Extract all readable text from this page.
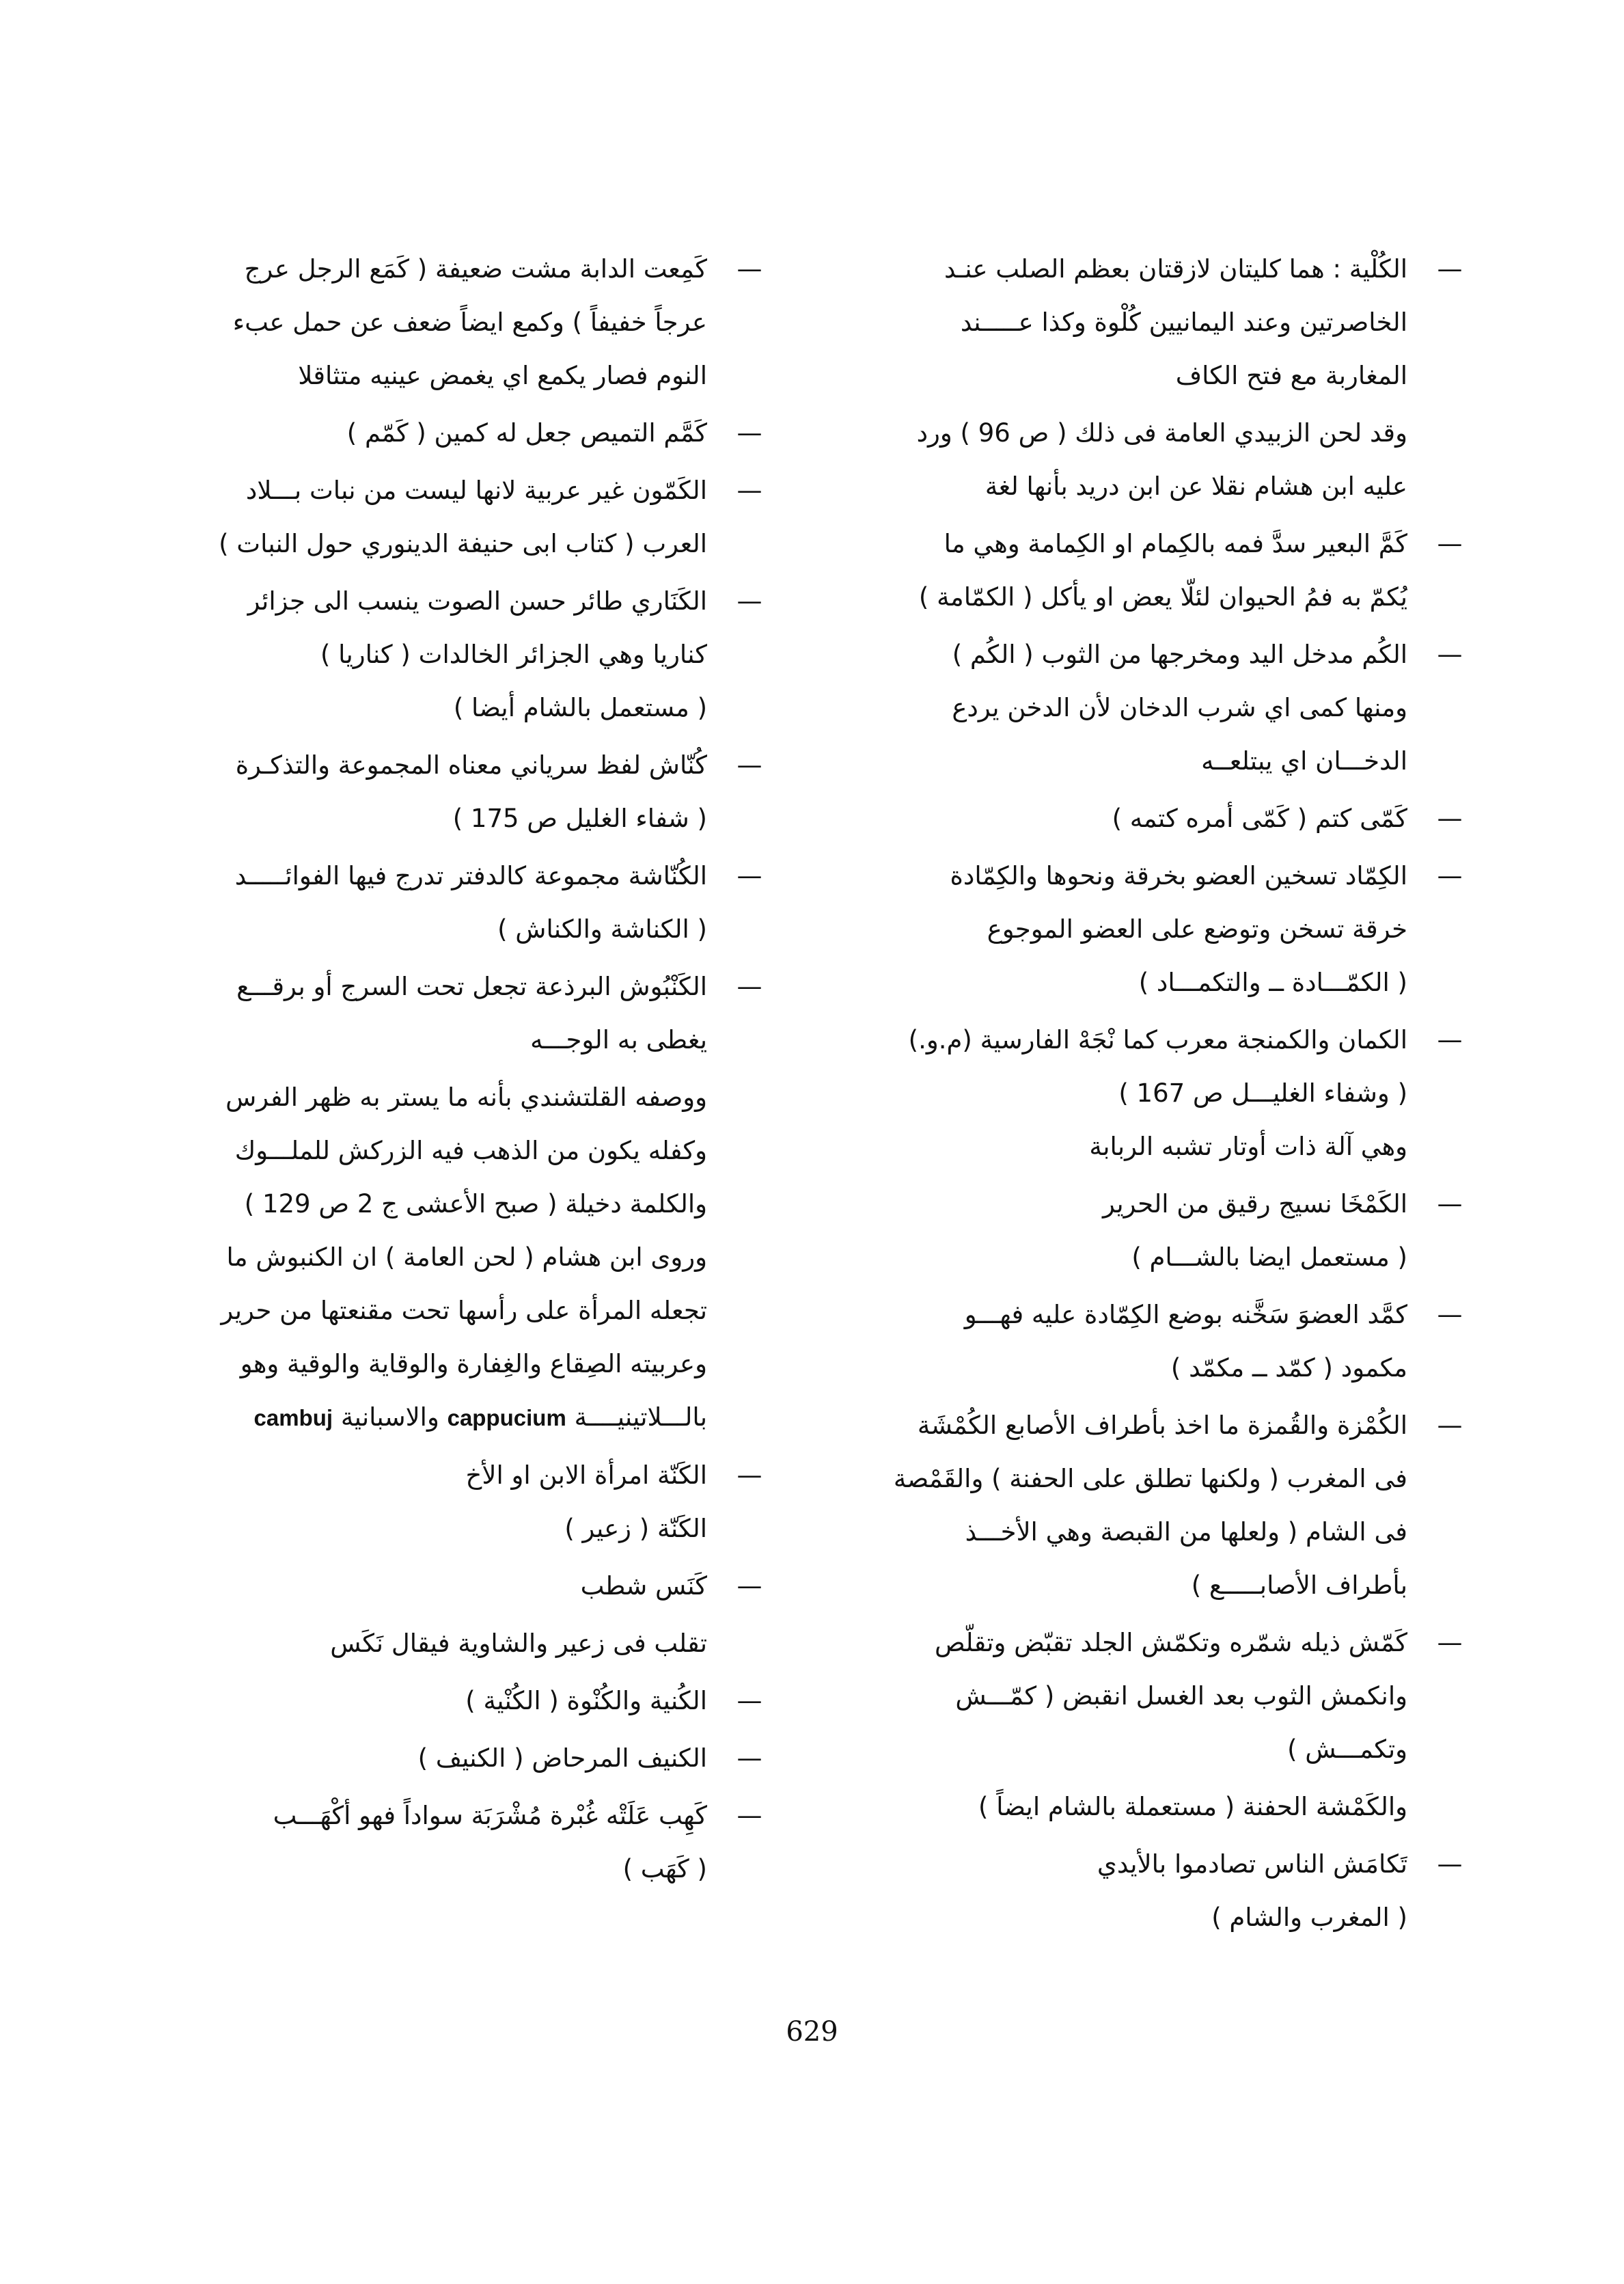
—
الكُلْية : هما كليتان لازقتان بعظم الصلب عنـد
الخاصرتين وعند اليمانيين كُلْوة وكذا عـــــند
المغاربة مع فتح الكاف
وقد لحن الزبيدي العامة فى ذلك ( ص 96 ) ورد
عليه ابن هشام نقلا عن ابن دريد بأنها لغة
—
كَمَّ البعير سدَّ فمه بالكِمام او الكِمامة وهي ما
يُكمّ به فمُ الحيوان لئلّا يعض او يأكل ( الكمّامة )
—
الكُم مدخل اليد ومخرجها من الثوب ( الكُم )
ومنها كمى اي شرب الدخان لأن الدخن يردع
الدخـــان اي يبتلعــه
—
كَمّى كتم ( كَمّى أمره كتمه )
—
الكِمّاد تسخين العضو بخرقة ونحوها والكِمّادة
خرقة تسخن وتوضع على العضو الموجوع
( الكمّـــادة ــ والتكمـــاد )
—
الكمان والكمنجة معرب كما نْجَهْ الفارسية (م.و.)
( وشفاء الغليـــل ص 167 )
وهي آلة ذات أوتار تشبه الربابة
—
الكَمْخَا نسيج رقيق من الحرير
( مستعمل ايضا بالشـــام )
—
كمَّد العضوَ سَخَّنه بوضع الكِمّادة عليه فهـــو
مكمود ( كمّد ــ مكمّد )
—
الكُمْزة والقُمزة ما اخذ بأطراف الأصابع الكُمْشَة
فى المغرب ( ولكنها تطلق على الحفنة ) والقَمْصة
فى الشام ( ولعلها من القبصة وهي الأخـــذ
بأطراف الأصابـــــع )
—
كَمّش ذيله شمّره وتكمّش الجلد تقبّض وتقلّص
وانكمش الثوب بعد الغسل انقبض ( كمّـــش
وتكمـــش )
والكَمْشة الحفنة ( مستعملة بالشام ايضاً )
—
تَكامَش الناس تصادموا بالأيدي
( المغرب والشام )
—
كَمِعت الدابة مشت ضعيفة ( كَمَع الرجل عرج
عرجاً خفيفاً ) وكمع ايضاً ضعف عن حمل عبء
النوم فصار يكمع اي يغمض عينيه متثاقلا
—
كَمَّم التميص جعل له كمين ( كَمّم )
—
الكَمّون غير عربية لانها ليست من نبات بـــلاد
العرب ( كتاب ابى حنيفة الدينوري حول النبات )
—
الكَنَاري طائر حسن الصوت ينسب الى جزائر
كناريا وهي الجزائر الخالدات ( كناريا )
( مستعمل بالشام أيضا )
—
كُنّاش لفظ سرياني معناه المجموعة والتذكـرة
( شفاء الغليل ص 175 )
—
الكُنّاشة مجموعة كالدفتر تدرج فيها الفوائـــــد
( الكناشة والكناش )
—
الكَنْبُوش البرذعة تجعل تحت السرج أو برقـــع
يغطى به الوجـــه
ووصفه القلتشندي بأنه ما يستر به ظهر الفرس
وكفله يكون من الذهب فيه الزركش للملـــوك
والكلمة دخيلة ( صبح الأعشى ج 2 ص 129 )
وروى ابن هشام ( لحن العامة ) ان الكنبوش ما
تجعله المرأة على رأسها تحت مقنعتها من حرير
وعربيته الصِقاع والغِفارة والوقاية والوقية وهو
بالـــلاتينيــــة cappucium والاسبانية cambuj
—
الكَنّة امرأة الابن او الأخ
الكَنّة ( زعير )
—
كَنَس شطب
تقلب فى زعير والشاوية فيقال نَكَس
—
الكُنية والكُنْوة ( الكُنْية )
—
الكنيف المرحاض ( الكنيف )
—
كَهِب عَلَتْه غُبْرة مُشْرَبَة سواداً فهو أكْهَـــب
( كَهَب )
629
